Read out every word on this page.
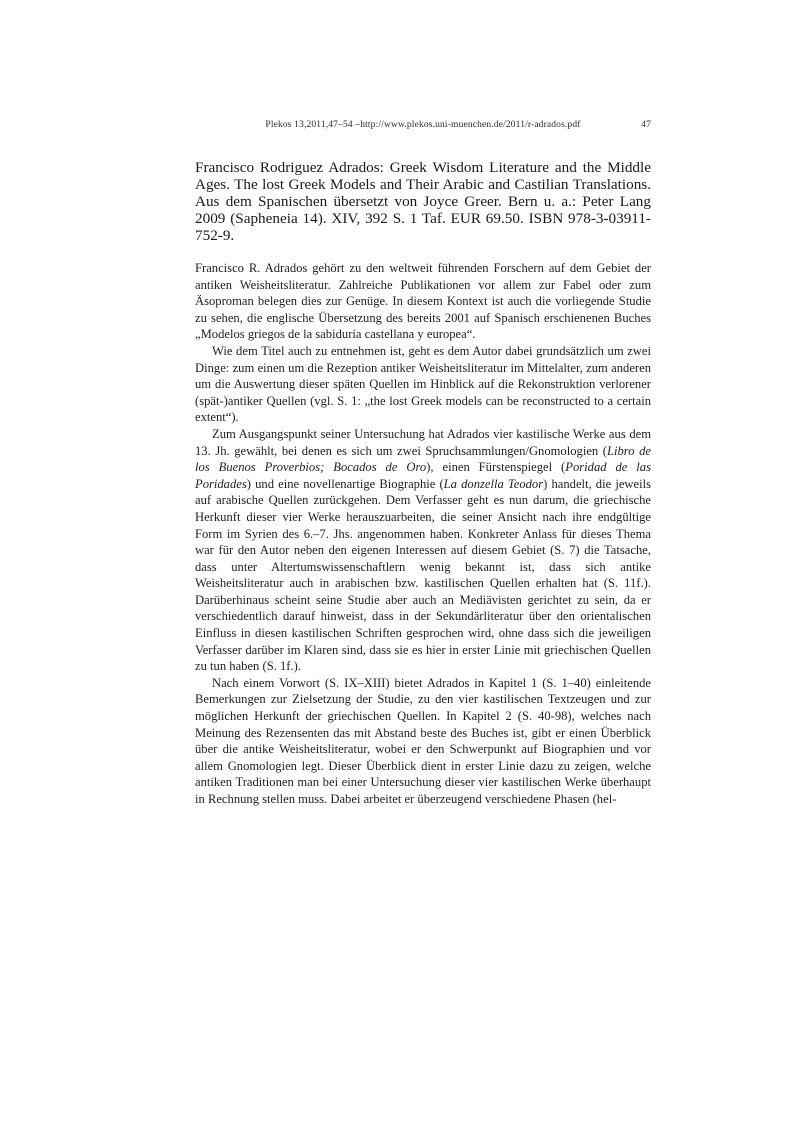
Plekos 13,2011,47–54 –http://www.plekos.uni-muenchen.de/2011/r-adrados.pdf	47
Francisco Rodriguez Adrados: Greek Wisdom Literature and the Middle Ages. The lost Greek Models and Their Arabic and Castilian Translations. Aus dem Spanischen übersetzt von Joyce Greer. Bern u. a.: Peter Lang 2009 (Sapheneia 14). XIV, 392 S. 1 Taf. EUR 69.50. ISBN 978-3-03911-752-9.

Francisco R. Adrados gehört zu den weltweit führenden Forschern auf dem Gebiet der antiken Weisheitsliteratur. Zahlreiche Publikationen vor allem zur Fabel oder zum Äsoproman belegen dies zur Genüge. In diesem Kontext ist auch die vorliegende Studie zu sehen, die englische Übersetzung des bereits 2001 auf Spanisch erschienenen Buches „Modelos griegos de la sabiduría castellana y europea“.

Wie dem Titel auch zu entnehmen ist, geht es dem Autor dabei grundsätzlich um zwei Dinge: zum einen um die Rezeption antiker Weisheitsliteratur im Mittelalter, zum anderen um die Auswertung dieser späten Quellen im Hinblick auf die Rekonstruktion verlorener (spät-)antiker Quellen (vgl. S. 1: „the lost Greek models can be reconstructed to a certain extent“).

Zum Ausgangspunkt seiner Untersuchung hat Adrados vier kastilische Werke aus dem 13. Jh. gewählt, bei denen es sich um zwei Spruchsammlungen/Gnomologien (Libro de los Buenos Proverbios; Bocados de Oro), einen Fürstenspiegel (Poridad de las Poridades) und eine novellenartige Biographie (La donzella Teodor) handelt, die jeweils auf arabische Quellen zurückgehen. Dem Verfasser geht es nun darum, die griechische Herkunft dieser vier Werke herauszuarbeiten, die seiner Ansicht nach ihre endgültige Form im Syrien des 6.–7. Jhs. angenommen haben. Konkreter Anlass für dieses Thema war für den Autor neben den eigenen Interessen auf diesem Gebiet (S. 7) die Tatsache, dass unter Altertumswissenschaftlern wenig bekannt ist, dass sich antike Weisheitsliteratur auch in arabischen bzw. kastilischen Quellen erhalten hat (S. 11f.). Darüberhinaus scheint seine Studie aber auch an Mediävisten gerichtet zu sein, da er verschiedentlich darauf hinweist, dass in der Sekundärliteratur über den orientalischen Einfluss in diesen kastilischen Schriften gesprochen wird, ohne dass sich die jeweiligen Verfasser darüber im Klaren sind, dass sie es hier in erster Linie mit griechischen Quellen zu tun haben (S. 1f.).

Nach einem Vorwort (S. IX–XIII) bietet Adrados in Kapitel 1 (S. 1–40) einleitende Bemerkungen zur Zielsetzung der Studie, zu den vier kastilischen Textzeugen und zur möglichen Herkunft der griechischen Quellen. In Kapitel 2 (S. 40-98), welches nach Meinung des Rezensenten das mit Abstand beste des Buches ist, gibt er einen Überblick über die antike Weisheitsliteratur, wobei er den Schwerpunkt auf Biographien und vor allem Gnomologien legt. Dieser Überblick dient in erster Linie dazu zu zeigen, welche antiken Traditionen man bei einer Untersuchung dieser vier kastilischen Werke überhaupt in Rechnung stellen muss. Dabei arbeitet er überzeugend verschiedene Phasen (hel-
